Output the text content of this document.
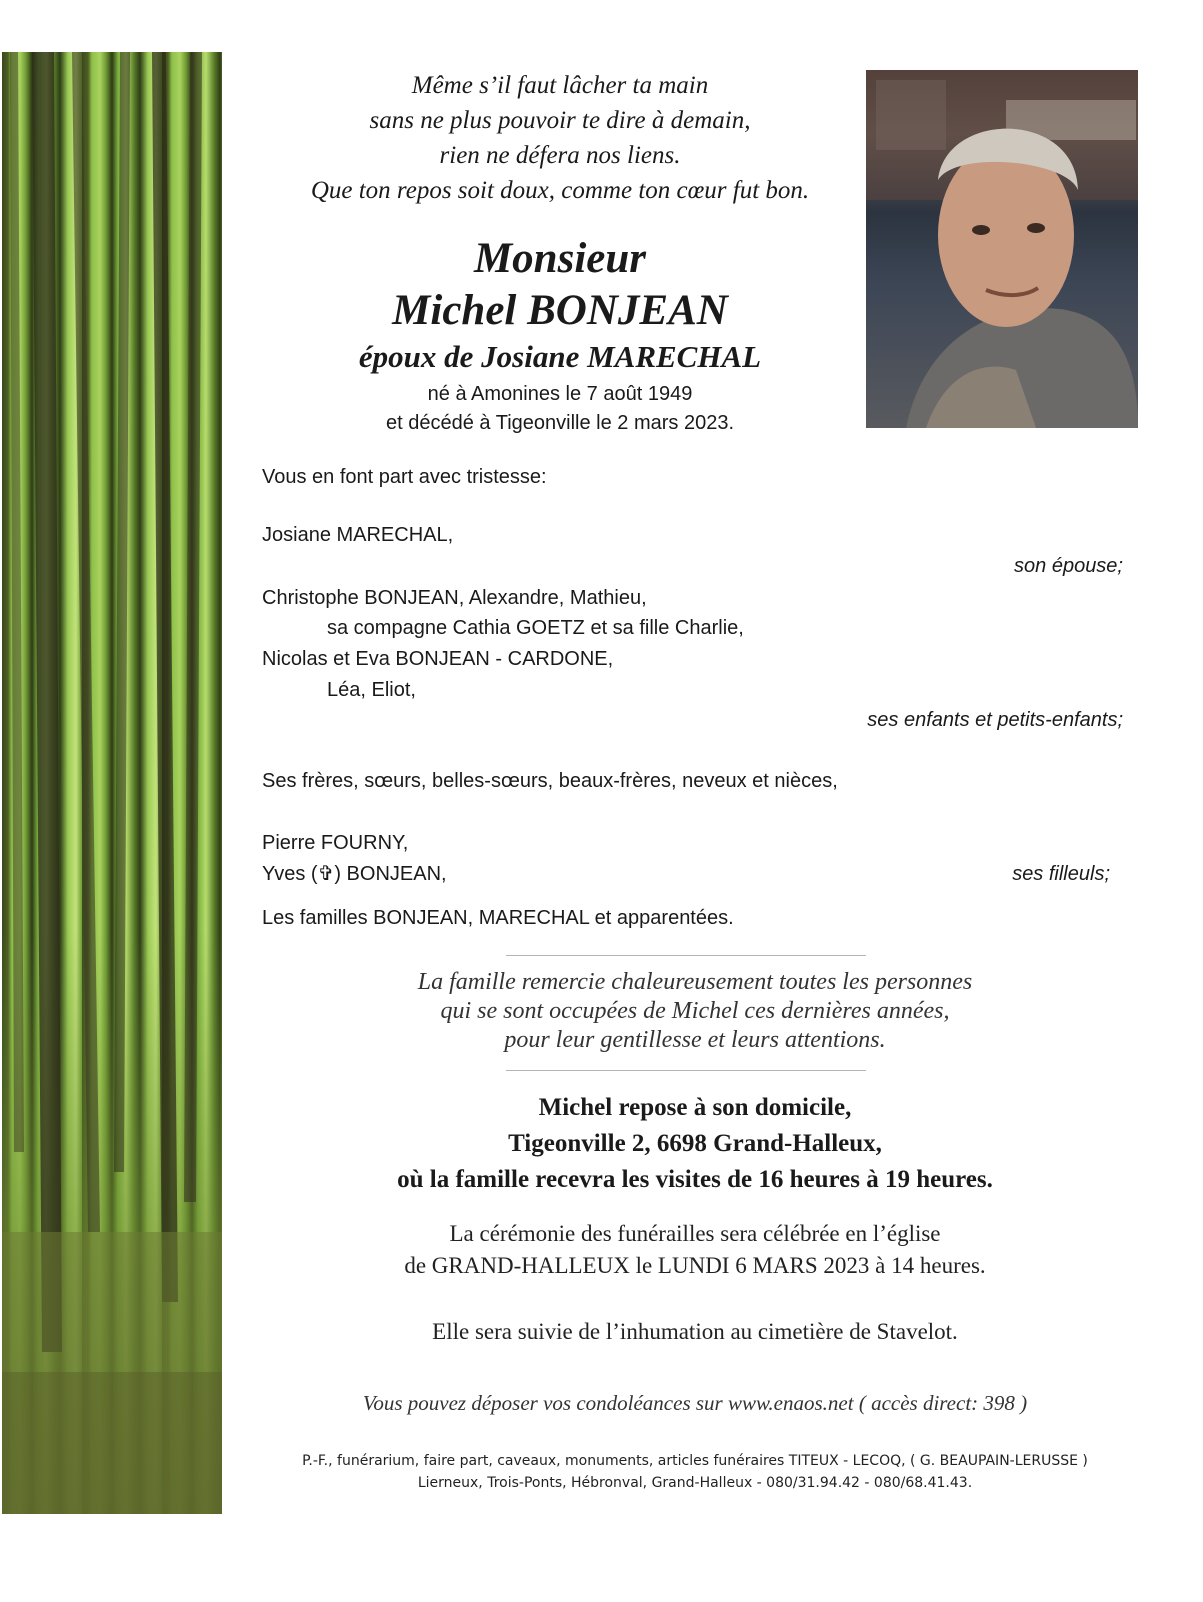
Même s’il faut lâcher ta main
sans ne plus pouvoir te dire à demain,
rien ne défera nos liens.
Que ton repos soit doux, comme ton cœur fut bon.
Monsieur
Michel BONJEAN
époux de Josiane MARECHAL
né à Amonines le 7 août 1949
et décédé à Tigeonville le 2 mars 2023.
Vous en font part avec tristesse:
Josiane MARECHAL,
son épouse;
Christophe BONJEAN, Alexandre, Mathieu,
sa compagne Cathia GOETZ et sa fille Charlie,
Nicolas et Eva BONJEAN - CARDONE,
Léa, Eliot,
ses enfants et petits-enfants;
Ses frères, sœurs, belles-sœurs, beaux-frères, neveux et nièces,
Pierre FOURNY,
Yves (✞) BONJEAN,	ses filleuls;
Les familles BONJEAN, MARECHAL et apparentées.
La famille remercie chaleureusement toutes les personnes
qui se sont occupées de Michel ces dernières années,
pour leur gentillesse et leurs attentions.
Michel repose à son domicile,
Tigeonville 2, 6698 Grand-Halleux,
où la famille recevra les visites de 16 heures à 19 heures.
La cérémonie des funérailles sera célébrée en l’église
de GRAND-HALLEUX le LUNDI 6 MARS 2023 à 14 heures.
Elle sera suivie de l’inhumation au cimetière de Stavelot.
Vous pouvez déposer vos condoléances sur www.enaos.net ( accès direct: 398 )
P.-F., funérarium, faire part, caveaux, monuments, articles funéraires TITEUX - LECOQ, ( G. BEAUPAIN-LERUSSE )
Lierneux, Trois-Ponts, Hébronval, Grand-Halleux - 080/31.94.42 - 080/68.41.43.
